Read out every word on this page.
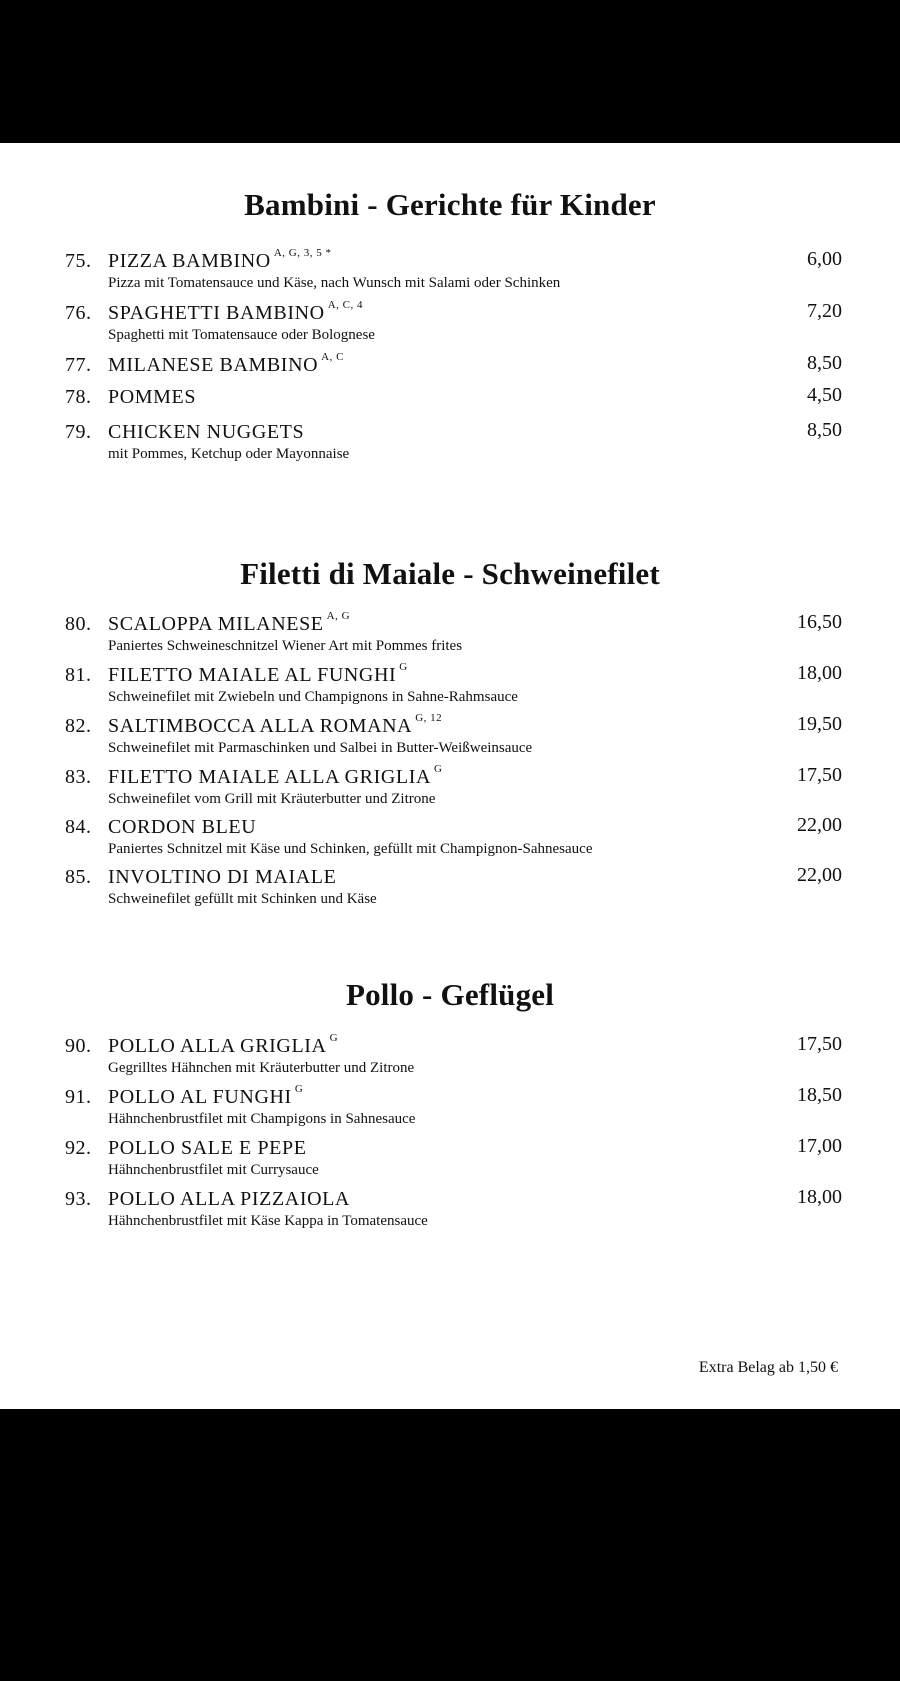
Bambini - Gerichte für Kinder
75. PIZZA BAMBINO $^{A, G, 3, 5 *}$
Pizza mit Tomatensauce und Käse, nach Wunsch mit Salami oder Schinken
6,00
76. SPAGHETTI BAMBINO $^{A, C, 4}$
Spaghetti mit Tomatensauce oder Bolognese
7,20
77. MILANESE BAMBINO $^{A, C}$	8,50
78. POMMES	4,50
79. CHICKEN NUGGETS
mit Pommes, Ketchup oder Mayonnaise
8,50
Filetti di Maiale - Schweinefilet
80. SCALOPPA MILANESE $^{A, G}$
Paniertes Schweineschnitzel Wiener Art mit Pommes frites
16,50
81. FILETTO MAIALE AL FUNGHI $^G$
Schweinefilet mit Zwiebeln und Champignons in Sahne-Rahmsauce
18,00
82. SALTIMBOCCA ALLA ROMANA $^{G, 12}$
Schweinefilet mit Parmaschinken und Salbei in Butter-Weißweinsauce
19,50
83. FILETTO MAIALE ALLA GRIGLIA $^G$
Schweinefilet vom Grill mit Kräuterbutter und Zitrone
17,50
84. CORDON BLEU
Paniertes Schnitzel mit Käse und Schinken, gefüllt mit Champignon-Sahnesauce
22,00
85. INVOLTINO DI MAIALE
Schweinefilet gefüllt mit Schinken und Käse
22,00
Pollo - Geflügel
90. POLLO ALLA GRIGLIA $^G$
Gegrilltes Hähnchen mit Kräuterbutter und Zitrone
17,50
91. POLLO AL FUNGHI $^G$
Hähnchenbrustfilet mit Champigons in Sahnesauce
18,50
92. POLLO SALE E PEPE
Hähnchenbrustfilet mit Currysauce
17,00
93. POLLO ALLA PIZZAIOLA
Hähnchenbrustfilet mit Käse Kappa in Tomatensauce
18,00
Extra Belag ab 1,50 €
